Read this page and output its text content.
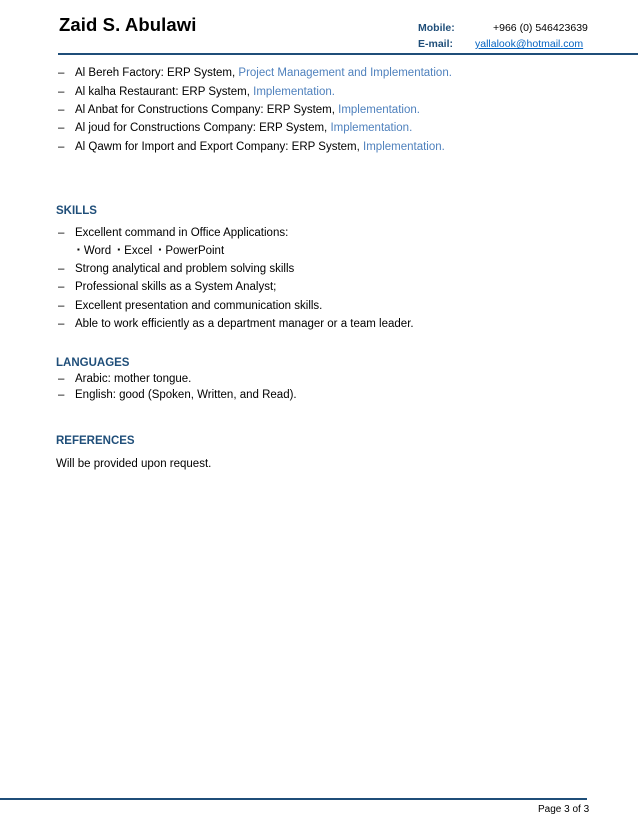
Zaid S. Abulawi	Mobile:	+966 (0) 546423639
E-mail: yallalook@hotmail.com
– Al Bereh Factory: ERP System, Project Management and Implementation.
– Al kalha Restaurant: ERP System, Implementation.
– Al Anbat for Constructions Company: ERP System, Implementation.
– Al joud for Constructions Company: ERP System, Implementation.
– Al Qawm for Import and Export Company: ERP System, Implementation.
SKILLS
– Excellent command in Office Applications:
▪ Word ▪ Excel ▪ PowerPoint
– Strong analytical and problem solving skills
– Professional skills as a System Analyst;
– Excellent presentation and communication skills.
– Able to work efficiently as a department manager or a team leader.
LANGUAGES
– Arabic: mother tongue.
– English: good (Spoken, Written, and Read).
REFERENCES
Will be provided upon request.
Page 3 of 3
